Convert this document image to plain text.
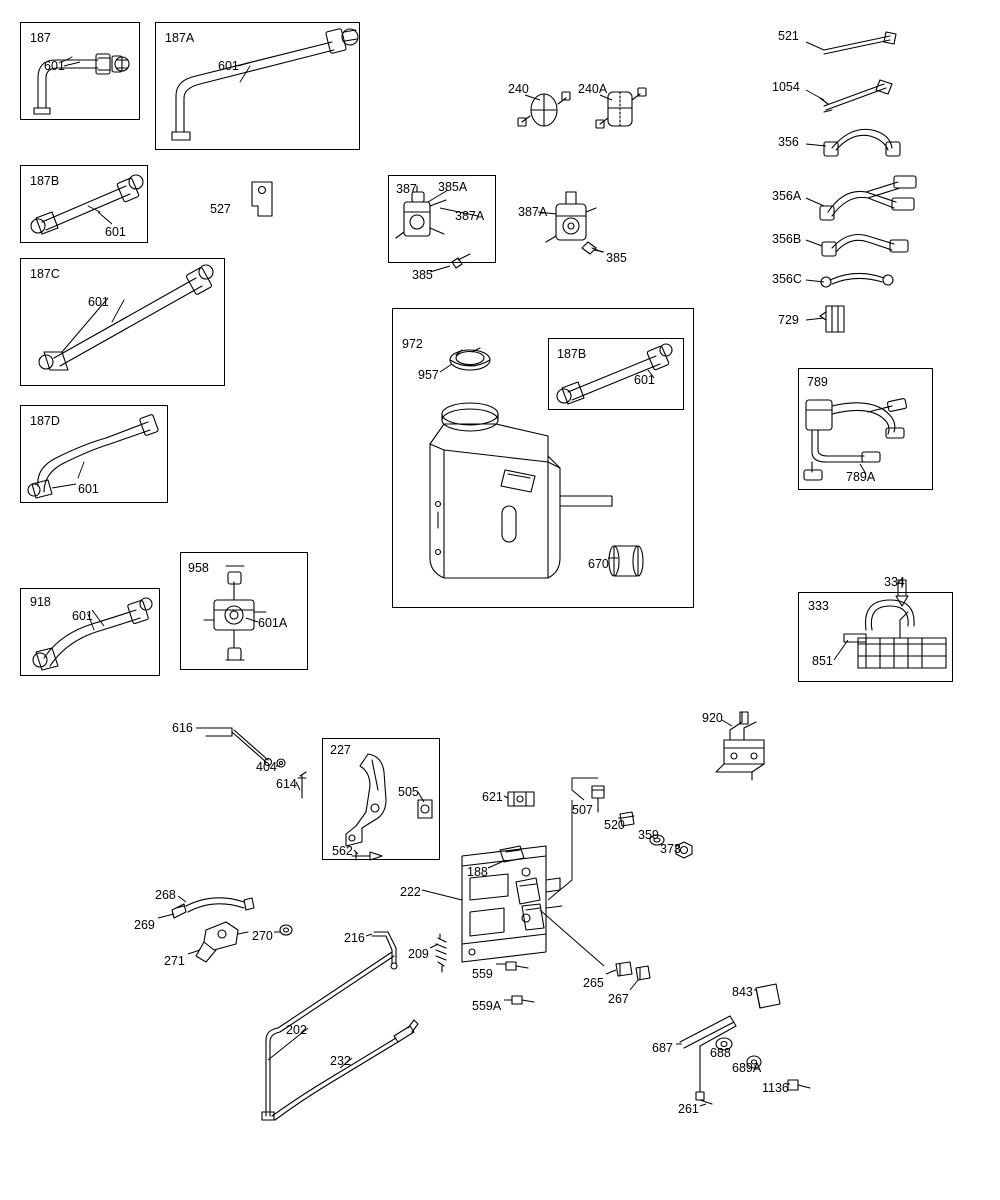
187
601
187A
601
187B
601
527
187C
601
187D
601
918
601
958
601A
240	240A
387 385A
387A
385
387A
385
972
957
187B
601
670
521
1054
356
356A
356B
356C
729
789
789A
334
333
851
616
404
614
227
505
562
621
507
520
359
373
920
188
222
268
269
271
270	216
209
559
559A
265
267	843
687	688
689A
1136
261
202
232
